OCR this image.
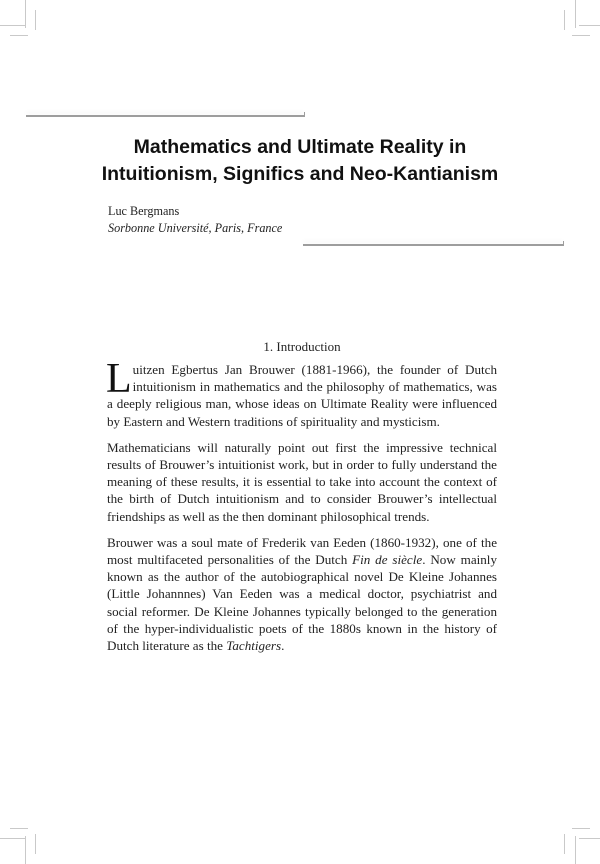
Mathematics and Ultimate Reality in
Intuitionism, Significs and Neo-Kantianism
Luc Bergmans
Sorbonne Université, Paris, France
1. Introduction

Luitzen Egbertus Jan Brouwer (1881-1966), the founder of Dutch intuitionism in mathematics and the philosophy of mathematics, was a deeply religious man, whose ideas on Ultimate Reality were influenced by Eastern and Western traditions of spirituality and mysticism.

Mathematicians will naturally point out first the impressive technical results of Brouwer’s intuitionist work, but in order to fully understand the meaning of these results, it is essential to take into account the context of the birth of Dutch intuitionism and to consider Brouwer’s intellectual friendships as well as the then dominant philosophical trends.

Brouwer was a soul mate of Frederik van Eeden (1860-1932), one of the most multifaceted personalities of the Dutch Fin de siècle. Now mainly known as the author of the autobiographical novel De Kleine Johannes (Little Johannnes) Van Eeden was a medical doctor, psychiatrist and social reformer. De Kleine Johannes typically belonged to the generation of the hyper-individualistic poets of the 1880s known in the history of Dutch literature as the Tachtigers.
